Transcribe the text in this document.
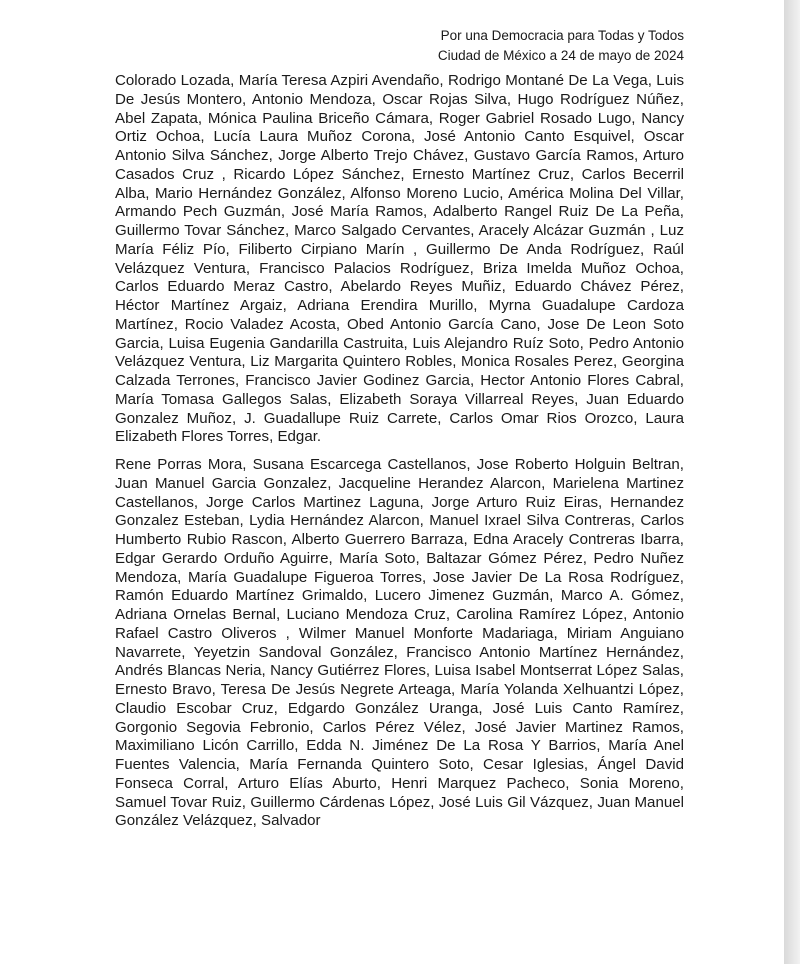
Por una Democracia para Todas y Todos
Ciudad de México a 24 de mayo de 2024

Colorado Lozada, María Teresa Azpiri Avendaño, Rodrigo Montané De La Vega, Luis De Jesús Montero, Antonio Mendoza, Oscar Rojas Silva, Hugo Rodríguez Núñez, Abel Zapata, Mónica Paulina Briceño Cámara, Roger Gabriel Rosado Lugo, Nancy Ortiz Ochoa, Lucía Laura Muñoz Corona, José Antonio Canto Esquivel, Oscar Antonio Silva Sánchez, Jorge Alberto Trejo Chávez, Gustavo García Ramos, Arturo Casados Cruz , Ricardo López Sánchez, Ernesto Martínez Cruz, Carlos Becerril Alba, Mario Hernández González, Alfonso Moreno Lucio, América Molina Del Villar, Armando Pech Guzmán, José María Ramos, Adalberto Rangel Ruiz De La Peña, Guillermo Tovar Sánchez, Marco Salgado Cervantes, Aracely Alcázar Guzmán , Luz María Féliz Pío, Filiberto Cirpiano Marín , Guillermo De Anda Rodríguez, Raúl Velázquez Ventura, Francisco Palacios Rodríguez, Briza Imelda Muñoz Ochoa, Carlos Eduardo Meraz Castro, Abelardo Reyes Muñiz, Eduardo Chávez Pérez, Héctor Martínez Argaiz, Adriana Erendira Murillo, Myrna Guadalupe Cardoza Martínez, Rocio Valadez Acosta, Obed Antonio García Cano, Jose De Leon Soto Garcia, Luisa Eugenia Gandarilla Castruita, Luis Alejandro Ruíz Soto, Pedro Antonio Velázquez Ventura, Liz Margarita Quintero Robles, Monica Rosales Perez, Georgina Calzada Terrones, Francisco Javier Godinez Garcia, Hector Antonio Flores Cabral, María Tomasa Gallegos Salas, Elizabeth Soraya Villarreal Reyes, Juan Eduardo Gonzalez Muñoz, J. Guadallupe Ruiz Carrete, Carlos Omar Rios Orozco, Laura Elizabeth Flores Torres, Edgar.

Rene Porras Mora, Susana Escarcega Castellanos, Jose Roberto Holguin Beltran, Juan Manuel Garcia Gonzalez, Jacqueline Herandez Alarcon, Marielena Martinez Castellanos, Jorge Carlos Martinez Laguna, Jorge Arturo Ruiz Eiras, Hernandez Gonzalez Esteban, Lydia Hernández Alarcon, Manuel Ixrael Silva Contreras, Carlos Humberto Rubio Rascon, Alberto Guerrero Barraza, Edna Aracely Contreras Ibarra, Edgar Gerardo Orduño Aguirre, María Soto, Baltazar Gómez Pérez, Pedro Nuñez Mendoza, María Guadalupe Figueroa Torres, Jose Javier De La Rosa Rodríguez, Ramón Eduardo Martínez Grimaldo, Lucero Jimenez Guzmán, Marco A. Gómez, Adriana Ornelas Bernal, Luciano Mendoza Cruz, Carolina Ramírez López, Antonio Rafael Castro Oliveros , Wilmer Manuel Monforte Madariaga, Miriam Anguiano Navarrete, Yeyetzin Sandoval González, Francisco Antonio Martínez Hernández, Andrés Blancas Neria, Nancy Gutiérrez Flores, Luisa Isabel Montserrat López Salas, Ernesto Bravo, Teresa De Jesús Negrete Arteaga, María Yolanda Xelhuantzi López, Claudio Escobar Cruz, Edgardo González Uranga, José Luis Canto Ramírez, Gorgonio Segovia Febronio, Carlos Pérez Vélez, José Javier Martinez Ramos, Maximiliano Licón Carrillo, Edda N. Jiménez De La Rosa Y Barrios, María Anel Fuentes Valencia, María Fernanda Quintero Soto, Cesar Iglesias, Ángel David Fonseca Corral, Arturo Elías Aburto, Henri Marquez Pacheco, Sonia Moreno, Samuel Tovar Ruiz, Guillermo Cárdenas López, José Luis Gil Vázquez, Juan Manuel González Velázquez, Salvador
